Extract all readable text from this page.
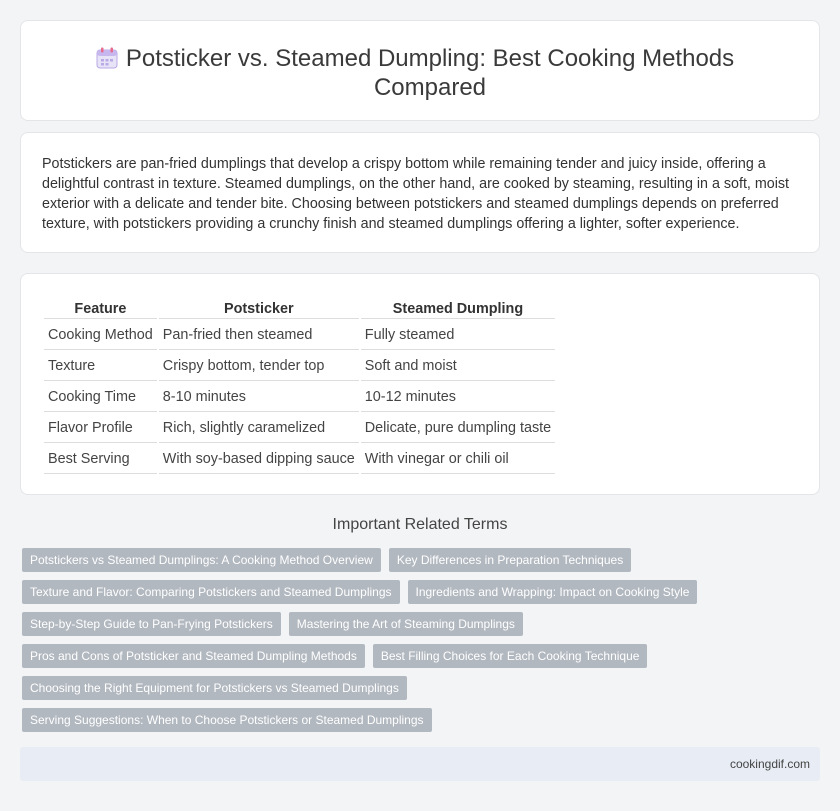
Potsticker vs. Steamed Dumpling: Best Cooking Methods Compared

Potstickers are pan-fried dumplings that develop a crispy bottom while remaining tender and juicy inside, offering a delightful contrast in texture. Steamed dumplings, on the other hand, are cooked by steaming, resulting in a soft, moist exterior with a delicate and tender bite. Choosing between potstickers and steamed dumplings depends on preferred texture, with potstickers providing a crunchy finish and steamed dumplings offering a lighter, softer experience.

Feature	Potsticker	Steamed Dumpling
Cooking Method	Pan-fried then steamed	Fully steamed
Texture	Crispy bottom, tender top	Soft and moist
Cooking Time	8-10 minutes	10-12 minutes
Flavor Profile	Rich, slightly caramelized	Delicate, pure dumpling taste
Best Serving	With soy-based dipping sauce	With vinegar or chili oil
Important Related Terms
Potstickers vs Steamed Dumplings: A Cooking Method Overview	Key Differences in Preparation Techniques
Texture and Flavor: Comparing Potstickers and Steamed Dumplings	Ingredients and Wrapping: Impact on Cooking Style
Step-by-Step Guide to Pan-Frying Potstickers	Mastering the Art of Steaming Dumplings
Pros and Cons of Potsticker and Steamed Dumpling Methods	Best Filling Choices for Each Cooking Technique
Choosing the Right Equipment for Potstickers vs Steamed Dumplings
Serving Suggestions: When to Choose Potstickers or Steamed Dumplings
cookingdif.com
